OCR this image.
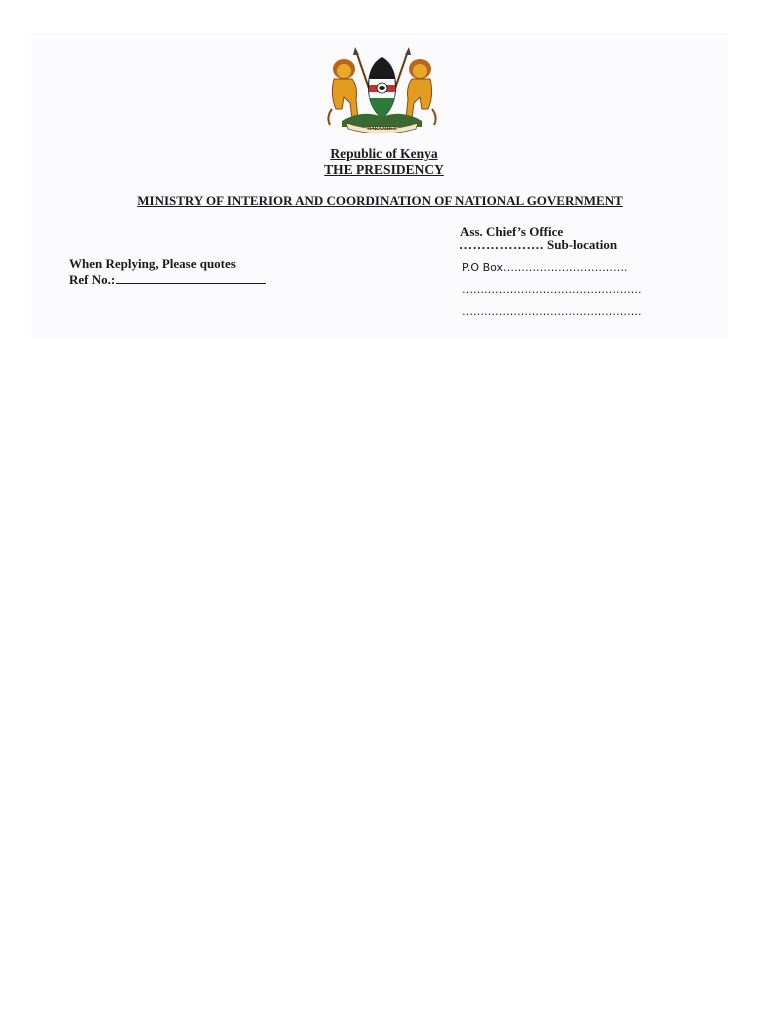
HARAMBEE
Republic of Kenya
THE PRESIDENCY
MINISTRY OF INTERIOR AND COORDINATION OF NATIONAL GOVERNMENT
Ass. Chief’s Office
………………. Sub-location
P.O Box…………………………….
………………………………………….
………………………………………….
When Replying, Please quotes
Ref No.:
